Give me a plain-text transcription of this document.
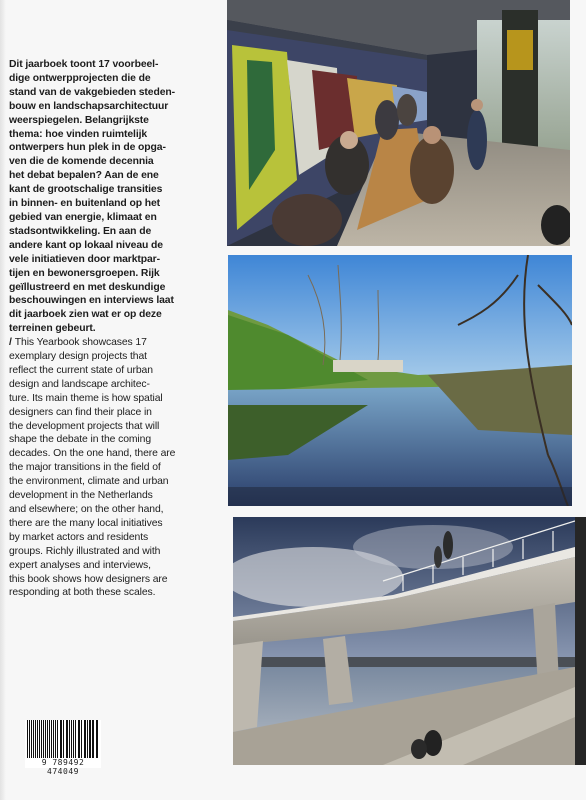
Dit jaarboek toont 17 voorbeel-

dige ontwerpprojecten die de

stand van de vakgebieden steden-

bouw en landschapsarchitectuur

weerspiegelen. Belangrijkste

thema: hoe vinden ruimtelijk

ontwerpers hun plek in de opga-

ven die de komende decennia

het debat bepalen? Aan de ene

kant de grootschalige transities

in binnen- en buitenland op het

gebied van energie, klimaat en

stadsontwikkeling. En aan de

andere kant op lokaal niveau de

vele initiatieven door marktpar-

tijen en bewonersgroepen. Rijk

geïllustreerd en met deskundige

beschouwingen en interviews laat

dit jaarboek zien wat er op deze

terreinen gebeurt.

/ This Yearbook showcases 17

exemplary design projects that

reflect the current state of urban

design and landscape architec-

ture. Its main theme is how spatial

designers can find their place in

the development projects that will

shape the debate in the coming

decades. On the one hand, there are

the major transitions in the field of

the environment, climate and urban

development in the Netherlands

and elsewhere; on the other hand,

there are the many local initiatives

by market actors and residents

groups. Richly illustrated and with

expert analyses and interviews,

this book shows how designers are

responding at both these scales.

9 789492 474049
